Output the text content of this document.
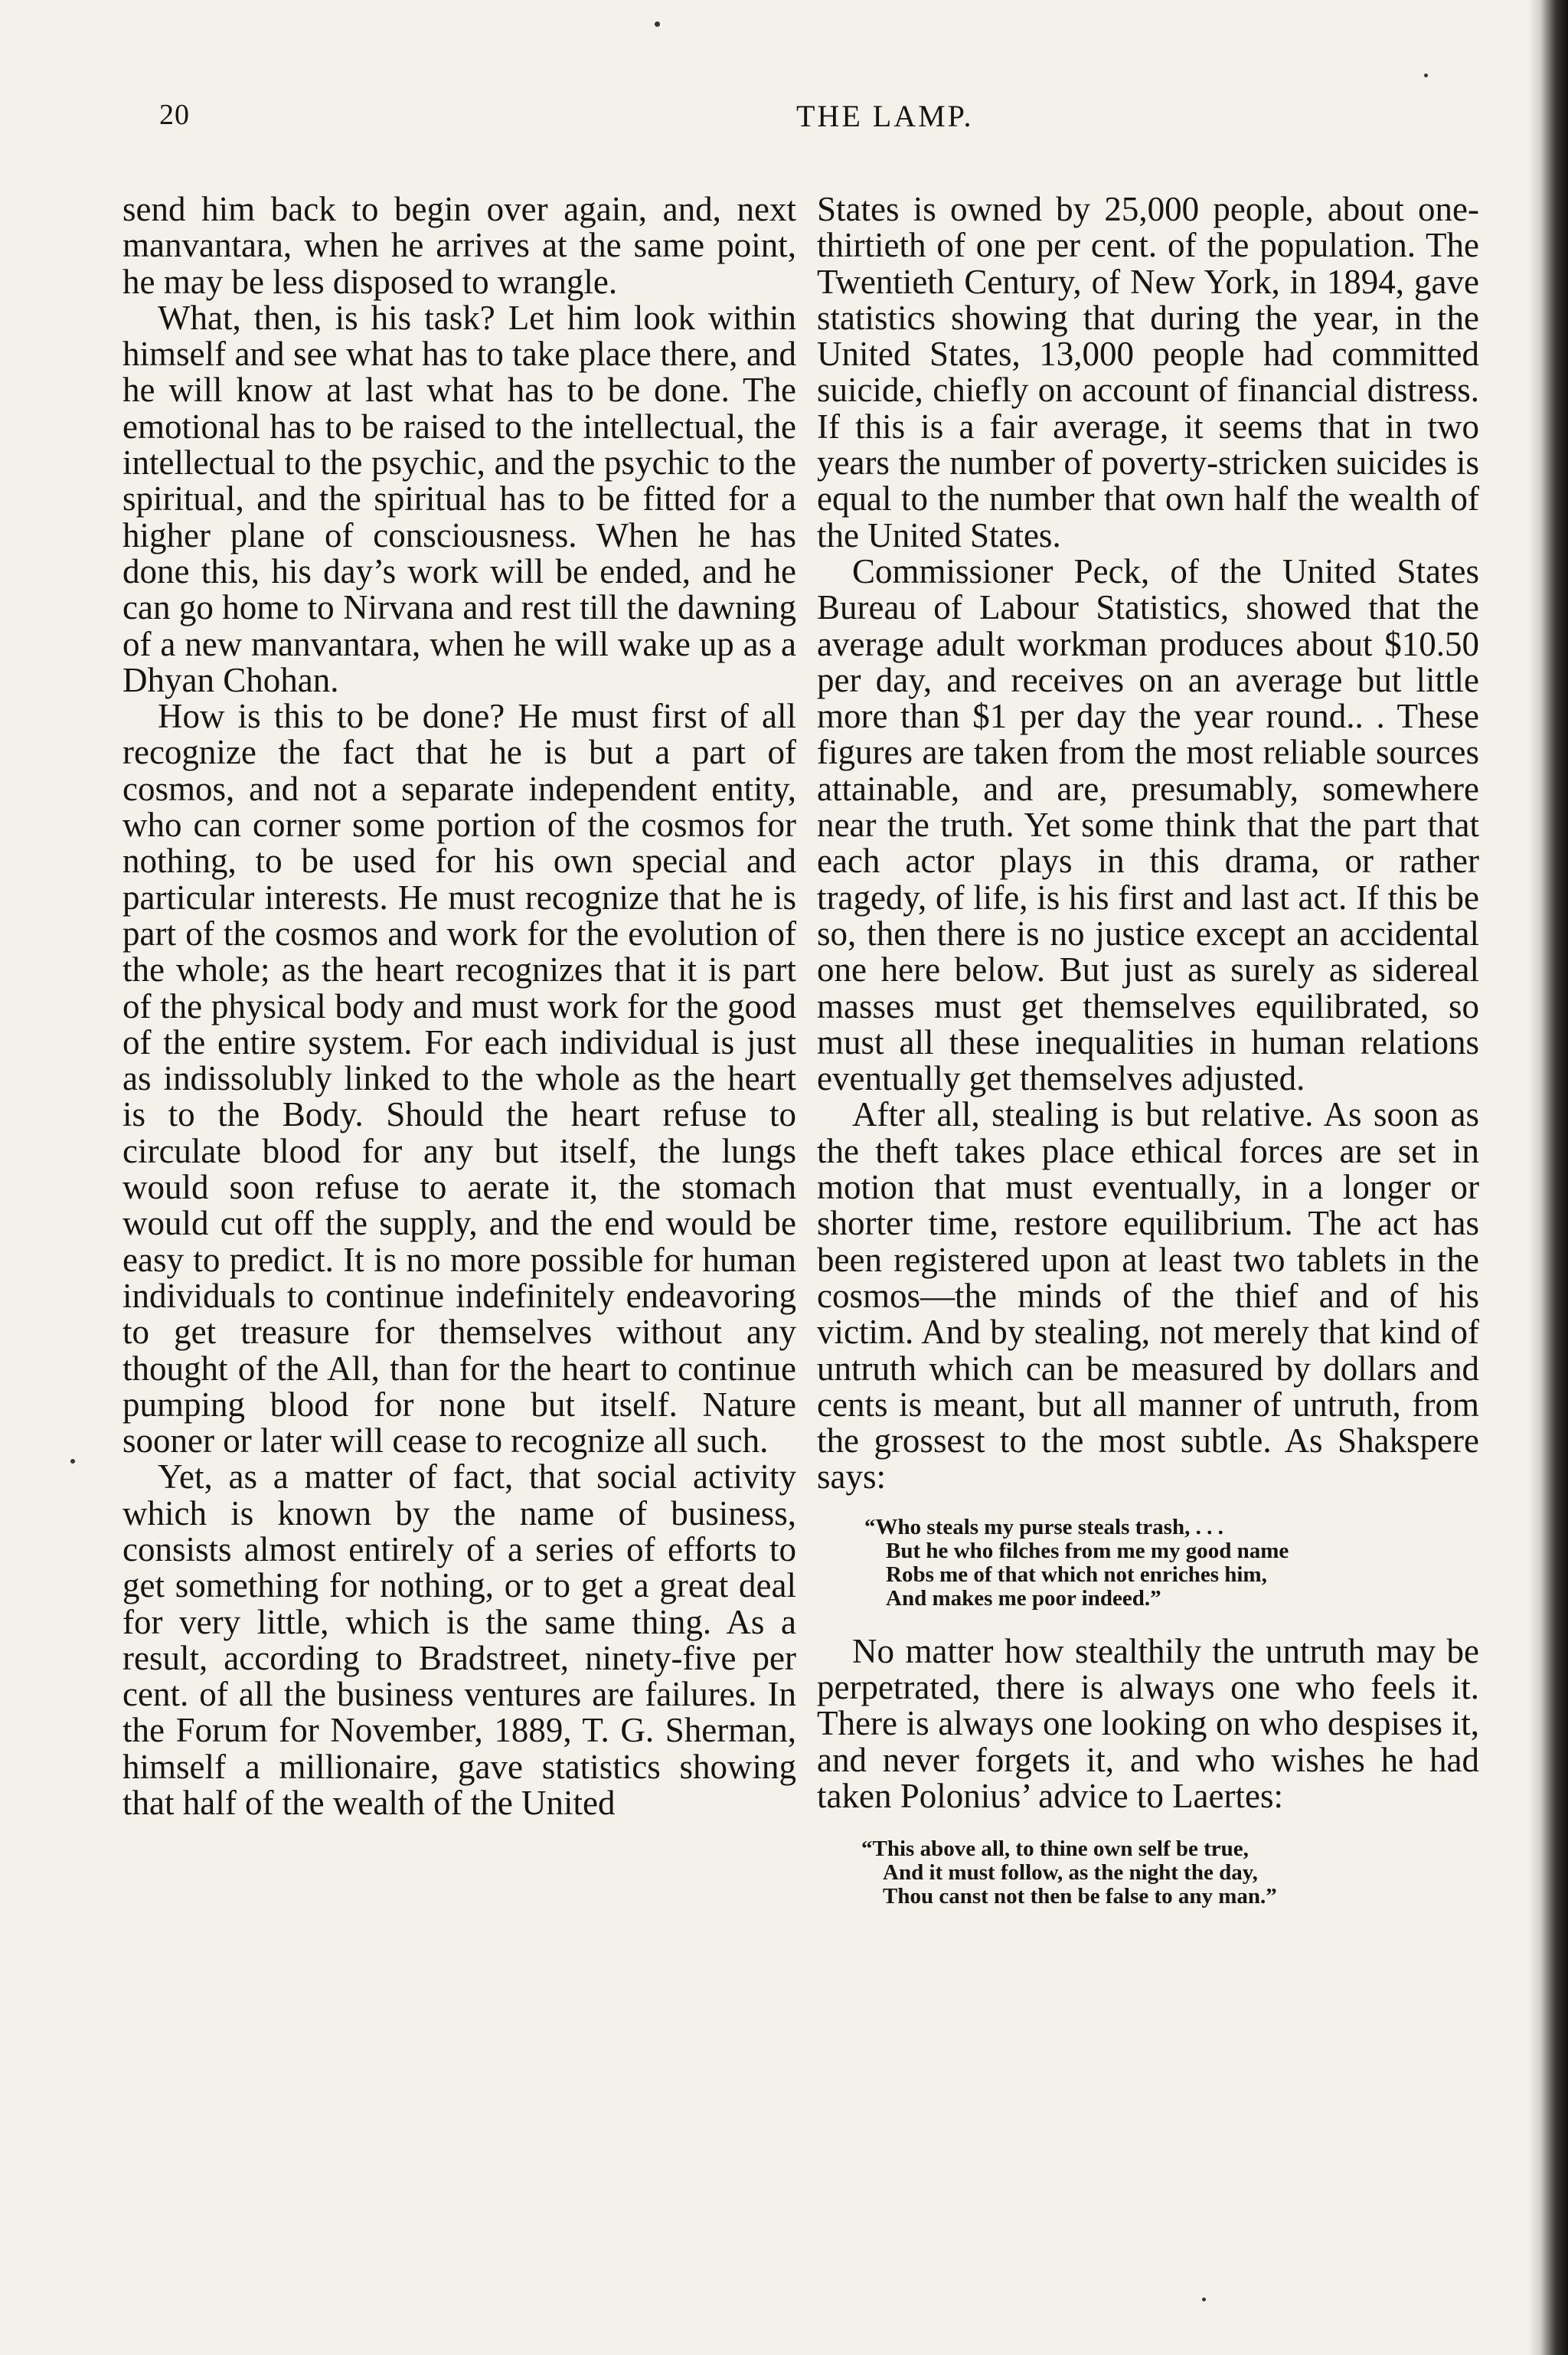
20	THE LAMP.

send him back to begin over again, and, next manvantara, when he arrives at the same point, he may be less disposed to wrangle.

What, then, is his task? Let him look within himself and see what has to take place there, and he will know at last what has to be done. The emotional has to be raised to the intellectual, the intellectual to the psychic, and the psychic to the spiritual, and the spiritual has to be fitted for a higher plane of consciousness. When he has done this, his day’s work will be ended, and he can go home to Nirvana and rest till the dawning of a new manvantara, when he will wake up as a Dhyan Chohan.

How is this to be done? He must first of all recognize the fact that he is but a part of cosmos, and not a separate independent entity, who can corner some portion of the cosmos for nothing, to be used for his own special and particular interests. He must recognize that he is part of the cosmos and work for the evolution of the whole; as the heart recognizes that it is part of the physical body and must work for the good of the entire system. For each individual is just as indissolubly linked to the whole as the heart is to the Body. Should the heart refuse to circulate blood for any but itself, the lungs would soon refuse to aerate it, the stomach would cut off the supply, and the end would be easy to predict. It is no more possible for human individuals to continue indefinitely endeavoring to get treasure for themselves without any thought of the All, than for the heart to continue pumping blood for none but itself. Nature sooner or later will cease to recognize all such.

Yet, as a matter of fact, that social activity which is known by the name of business, consists almost entirely of a series of efforts to get something for nothing, or to get a great deal for very little, which is the same thing. As a result, according to Bradstreet, ninety-five per cent. of all the business ventures are failures. In the Forum for November, 1889, T. G. Sherman, himself a millionaire, gave statistics showing that half of the wealth of the United

States is owned by 25,000 people, about one-thirtieth of one per cent. of the population. The Twentieth Century, of New York, in 1894, gave statistics showing that during the year, in the United States, 13,000 people had committed suicide, chiefly on account of financial distress. If this is a fair average, it seems that in two years the number of poverty-stricken suicides is equal to the number that own half the wealth of the United States.

Commissioner Peck, of the United States Bureau of Labour Statistics, showed that the average adult workman produces about $10.50 per day, and receives on an average but little more than $1 per day the year round.. . These figures are taken from the most reliable sources attainable, and are, presumably, somewhere near the truth. Yet some think that the part that each actor plays in this drama, or rather tragedy, of life, is his first and last act. If this be so, then there is no justice except an accidental one here below. But just as surely as sidereal masses must get themselves equilibrated, so must all these inequalities in human relations eventually get themselves adjusted.

After all, stealing is but relative. As soon as the theft takes place ethical forces are set in motion that must eventually, in a longer or shorter time, restore equilibrium. The act has been registered upon at least two tablets in the cosmos—the minds of the thief and of his victim. And by stealing, not merely that kind of untruth which can be measured by dollars and cents is meant, but all manner of untruth, from the grossest to the most subtle. As Shakspere says:

“Who steals my purse steals trash, . . .
But he who filches from me my good name
Robs me of that which not enriches him,
And makes me poor indeed.”

No matter how stealthily the untruth may be perpetrated, there is always one who feels it. There is always one looking on who despises it, and never forgets it, and who wishes he had taken Polonius’ advice to Laertes:

“This above all, to thine own self be true,
And it must follow, as the night the day,
Thou canst not then be false to any man.”
